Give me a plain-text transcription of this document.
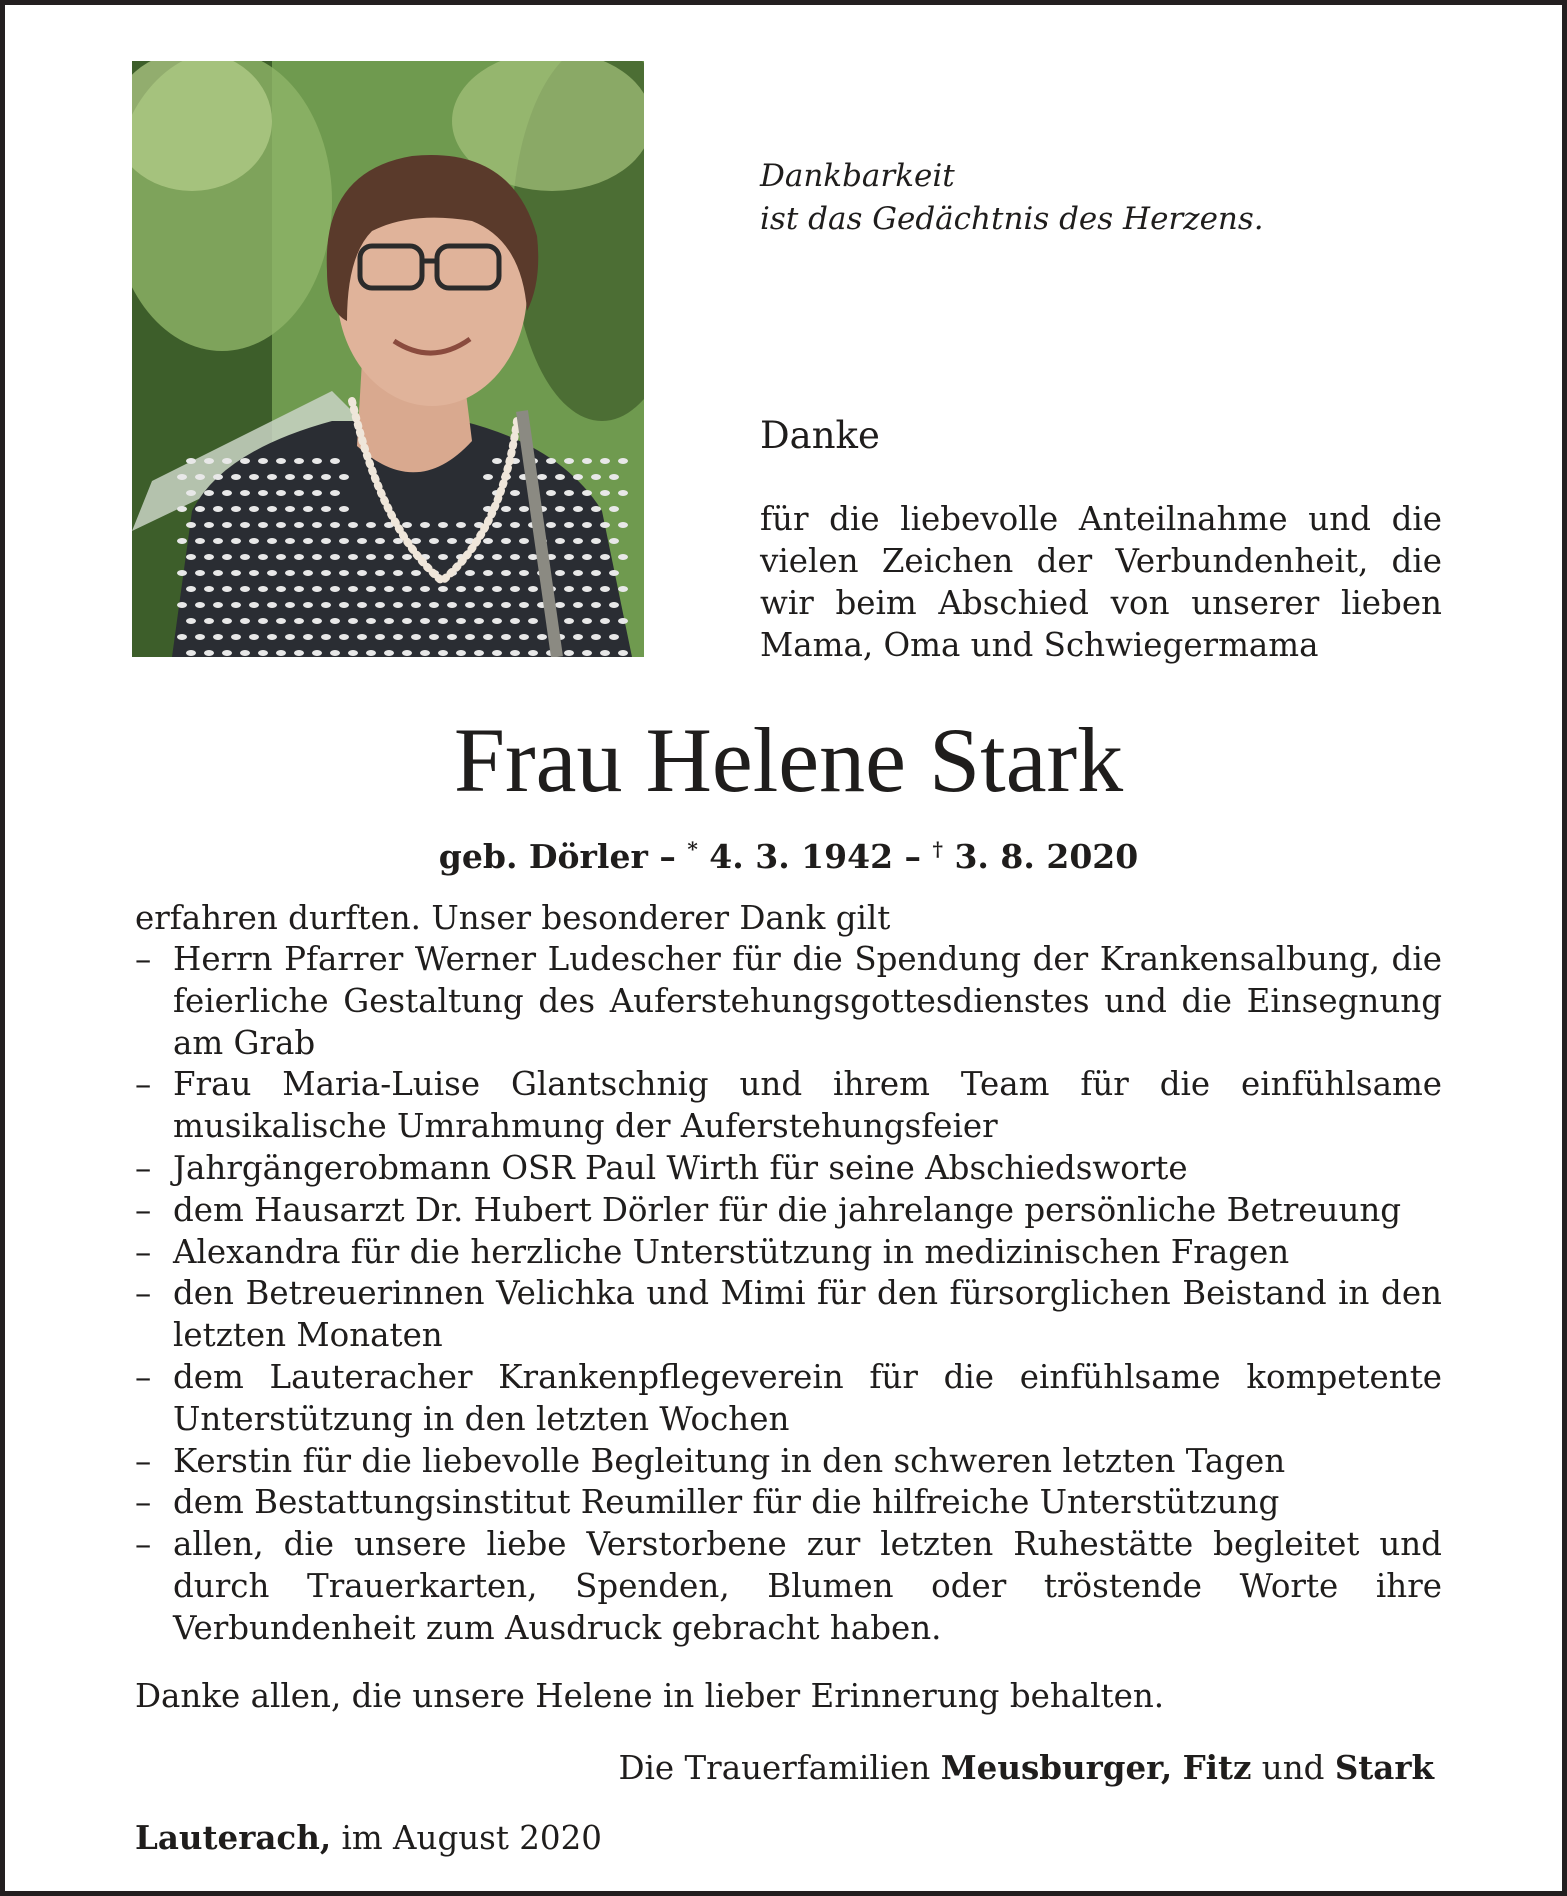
Dankbarkeit
ist das Gedächtnis des Herzens.
Danke
für die liebevolle Anteilnahme und die vielen Zeichen der Verbundenheit, die wir beim Abschied von unserer lieben Mama, Oma und Schwiegermama
Frau Helene Stark
geb. Dörler – * 4. 3. 1942 – † 3. 8. 2020
erfahren durften. Unser besonderer Dank gilt
– Herrn Pfarrer Werner Ludescher für die Spendung der Krankensalbung, die feierliche Gestaltung des Auferstehungsgottesdienstes und die Einsegnung am Grab
– Frau Maria-Luise Glantschnig und ihrem Team für die einfühlsame musikalische Umrahmung der Auferstehungsfeier
– Jahrgängerobmann OSR Paul Wirth für seine Abschiedsworte
– dem Hausarzt Dr. Hubert Dörler für die jahrelange persönliche Betreuung
– Alexandra für die herzliche Unterstützung in medizinischen Fragen
– den Betreuerinnen Velichka und Mimi für den fürsorglichen Beistand in den letzten Monaten
– dem Lauteracher Krankenpflegeverein für die einfühlsame kompetente Unterstützung in den letzten Wochen
– Kerstin für die liebevolle Begleitung in den schweren letzten Tagen
– dem Bestattungsinstitut Reumiller für die hilfreiche Unterstützung
– allen, die unsere liebe Verstorbene zur letzten Ruhestätte begleitet und durch Trauerkarten, Spenden, Blumen oder tröstende Worte ihre Verbundenheit zum Ausdruck gebracht haben.
Danke allen, die unsere Helene in lieber Erinnerung behalten.
Die Trauerfamilien Meusburger, Fitz und Stark
Lauterach, im August 2020
